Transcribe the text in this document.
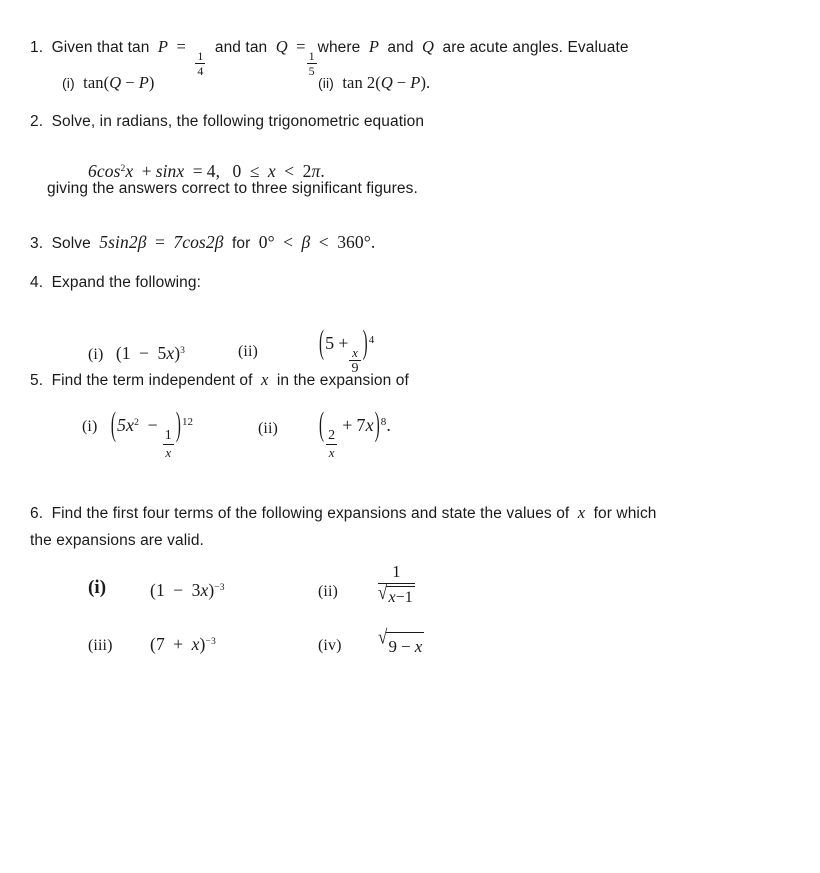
1. Given that tan P =
$\frac{1}{4}$
and tan Q =
$\frac{1}{5}$
where P and Q are acute angles. Evaluate
(i) tan(Q − P)	(ii) tan 2(Q − P).
2. Solve, in radians, the following trigonometric equation
$6\cos^2x + \sin x = 4$, 0 ≤ x < 2π.
giving the answers correct to three significant figures.
3. Solve 5sin2β = 7cos2β for 0° < β < 360°.
4. Expand the following:
(i) $(1 - 5x)^3$	(ii)	(5 +
$\frac{x}{9} )^4$
5. Find the term independent of x in the expansion of
(i) ($5x^2$ −
$\frac{1}{x} )^{12}$	(ii)	( $\frac{2}{x}$
+ 7x)$^8$.
6. Find the first four terms of the following expansions and state the values of x for which
the expansions are valid.
(i)	$(1 - 3x)^{-3}$	$(ii) \frac{1}{√ x-1}$
(iii) $(7 + x)^{-3}$	(iv) √ 9 − x
